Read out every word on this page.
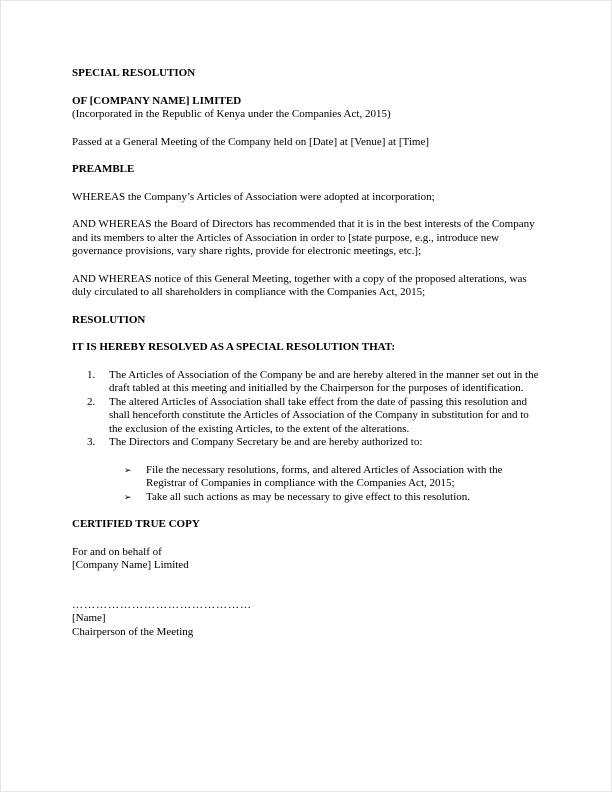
SPECIAL RESOLUTION
OF [COMPANY NAME] LIMITED
(Incorporated in the Republic of Kenya under the Companies Act, 2015)

Passed at a General Meeting of the Company held on [Date] at [Venue] at [Time]

PREAMBLE

WHEREAS the Company’s Articles of Association were adopted at incorporation;

AND WHEREAS the Board of Directors has recommended that it is in the best interests of the Company and its members to alter the Articles of Association in order to [state purpose, e.g., introduce new governance provisions, vary share rights, provide for electronic meetings, etc.];

AND WHEREAS notice of this General Meeting, together with a copy of the proposed alterations, was duly circulated to all shareholders in compliance with the Companies Act, 2015;

RESOLUTION
IT IS HEREBY RESOLVED AS A SPECIAL RESOLUTION THAT:
1. The Articles of Association of the Company be and are hereby altered in the manner set out in the draft tabled at this meeting and initialled by the Chairperson for the purposes of identification.
2. The altered Articles of Association shall take effect from the date of passing this resolution and shall henceforth constitute the Articles of Association of the Company in substitution for and to the exclusion of the existing Articles, to the extent of the alterations.
3. The Directors and Company Secretary be and are hereby authorized to:
➢ File the necessary resolutions, forms, and altered Articles of Association with the Registrar of Companies in compliance with the Companies Act, 2015;
➢ Take all such actions as may be necessary to give effect to this resolution.
CERTIFIED TRUE COPY
For and on behalf of
[Company Name] Limited
………………………………………
[Name]
Chairperson of the Meeting
